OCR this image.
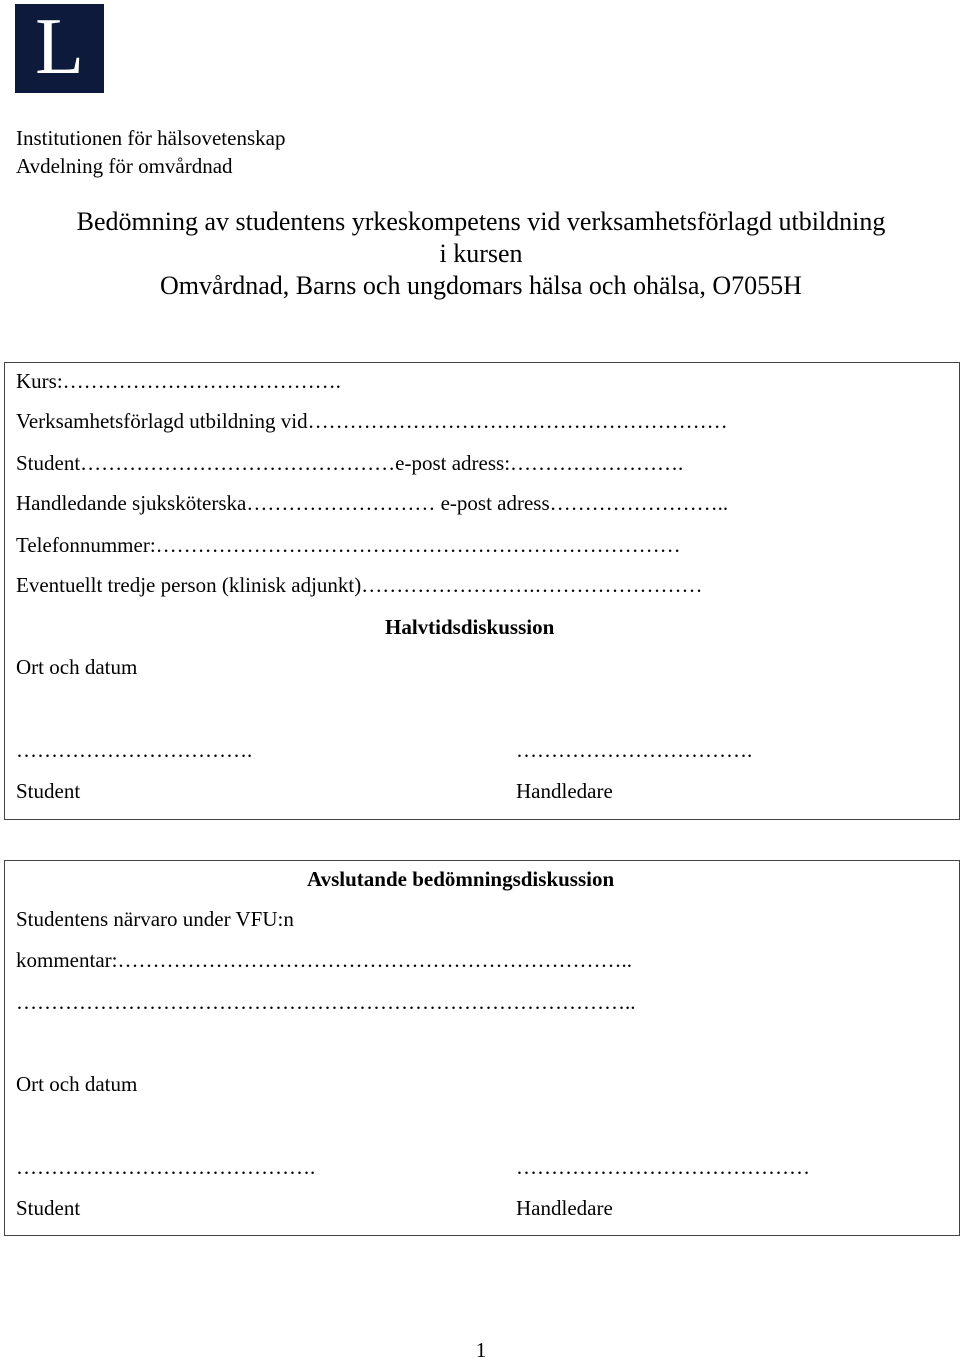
L
Institutionen för hälsovetenskap
Avdelning för omvårdnad
Bedömning av studentens yrkeskompetens vid verksamhetsförlagd utbildning
i kursen
Omvårdnad, Barns och ungdomars hälsa och ohälsa, O7055H
Kurs:………………………………….
Verksamhetsförlagd utbildning vid……………………………………………………
Student………………………………………e-post adress:…………………….
Handledande sjuksköterska……………………… e-post adress……………………..
Telefonnummer:…………………………………………………………………
Eventuellt tredje person (klinisk adjunkt)…………………….……………………
Halvtidsdiskussion
Ort och datum
…………………………….	…………………………….
Student	Handledare
Avslutande bedömningsdiskussion
Studentens närvaro under VFU:n
kommentar:………………………………………………………………..
……………………………………………………………………………..
Ort och datum
…………………………………….	……………………………………
Student	Handledare
1
